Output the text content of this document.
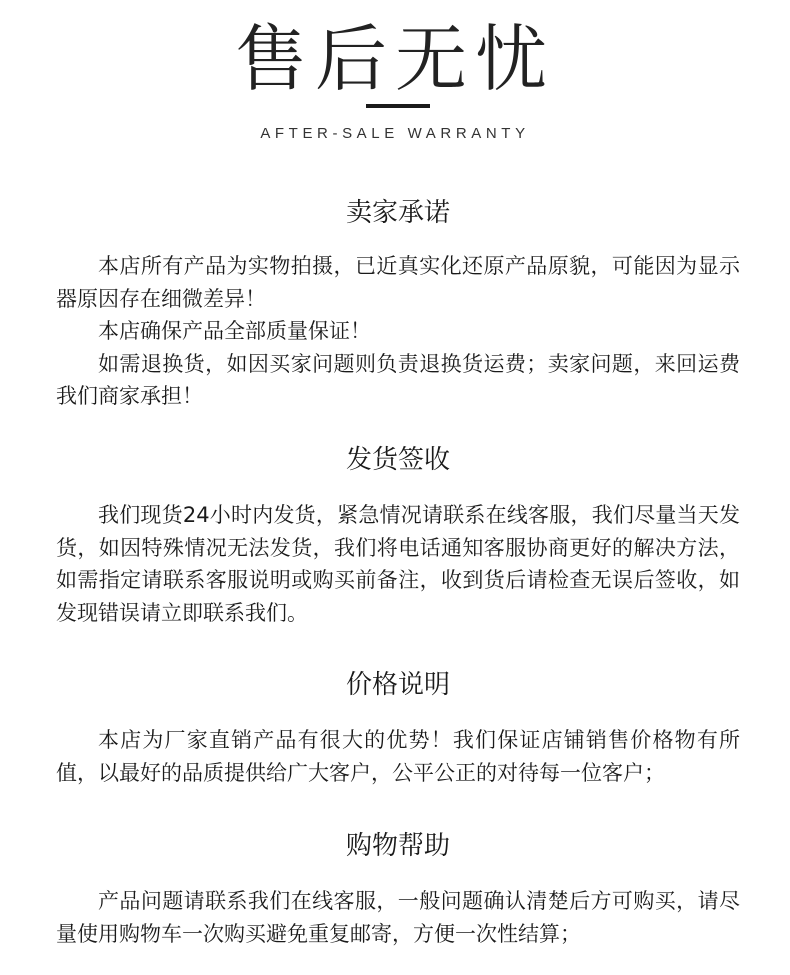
售后无忧
AFTER-SALE WARRANTY
卖家承诺

本店所有产品为实物拍摄，已近真实化还原产品原貌，可能因为显示器原因存在细微差异！

本店确保产品全部质量保证！

如需退换货，如因买家问题则负责退换货运费；卖家问题，来回运费我们商家承担！

发货签收

我们现货24小时内发货，紧急情况请联系在线客服，我们尽量当天发货，如因特殊情况无法发货，我们将电话通知客服协商更好的解决方法，如需指定请联系客服说明或购买前备注，收到货后请检查无误后签收，如发现错误请立即联系我们。

价格说明

本店为厂家直销产品有很大的优势！我们保证店铺销售价格物有所值，以最好的品质提供给广大客户，公平公正的对待每一位客户；

购物帮助

产品问题请联系我们在线客服，一般问题确认清楚后方可购买，请尽量使用购物车一次购买避免重复邮寄，方便一次性结算；
